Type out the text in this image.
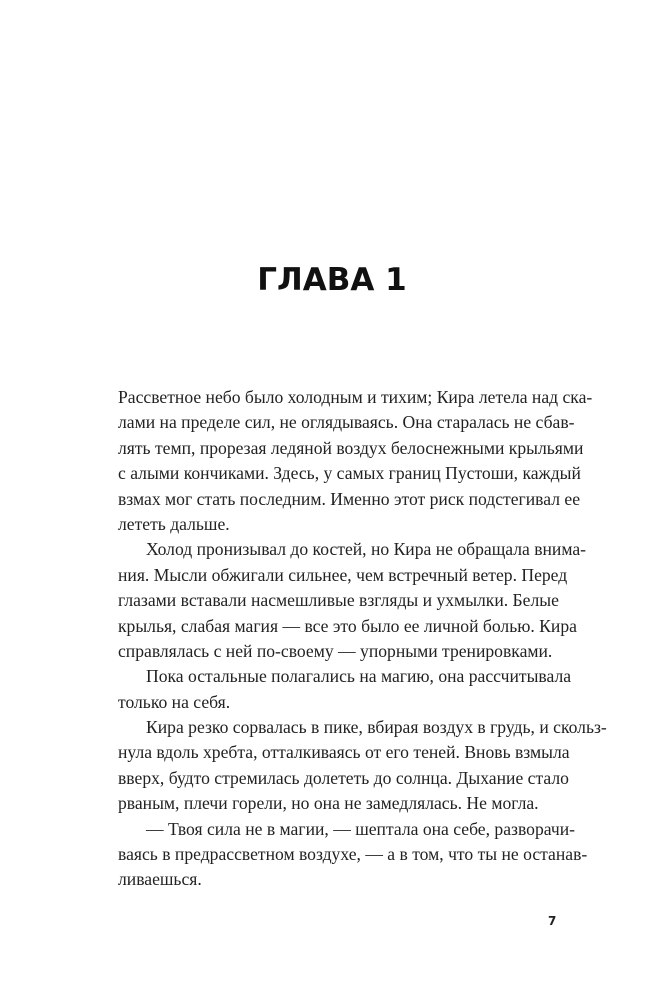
ГЛАВА 1
Рассветное небо было холодным и тихим; Кира летела над ска-
лами на пределе сил, не оглядываясь. Она старалась не сбав-
лять темп, прорезая ледяной воздух белоснежными крыльями
с алыми кончиками. Здесь, у самых границ Пустоши, каждый
взмах мог стать последним. Именно этот риск подстегивал ее
лететь дальше.
Холод пронизывал до костей, но Кира не обращала внима-
ния. Мысли обжигали сильнее, чем встречный ветер. Перед
глазами вставали насмешливые взгляды и ухмылки. Белые
крылья, слабая магия — все это было ее личной болью. Кира
справлялась с ней по-своему — упорными тренировками.
Пока остальные полагались на магию, она рассчитывала
только на себя.
Кира резко сорвалась в пике, вбирая воздух в грудь, и скольз-
нула вдоль хребта, отталкиваясь от его теней. Вновь взмыла
вверх, будто стремилась долететь до солнца. Дыхание стало
рваным, плечи горели, но она не замедлялась. Не могла.
— Твоя сила не в магии, — шептала она себе, разворачи-
ваясь в предрассветном воздухе, — а в том, что ты не останав-
ливаешься.
7
